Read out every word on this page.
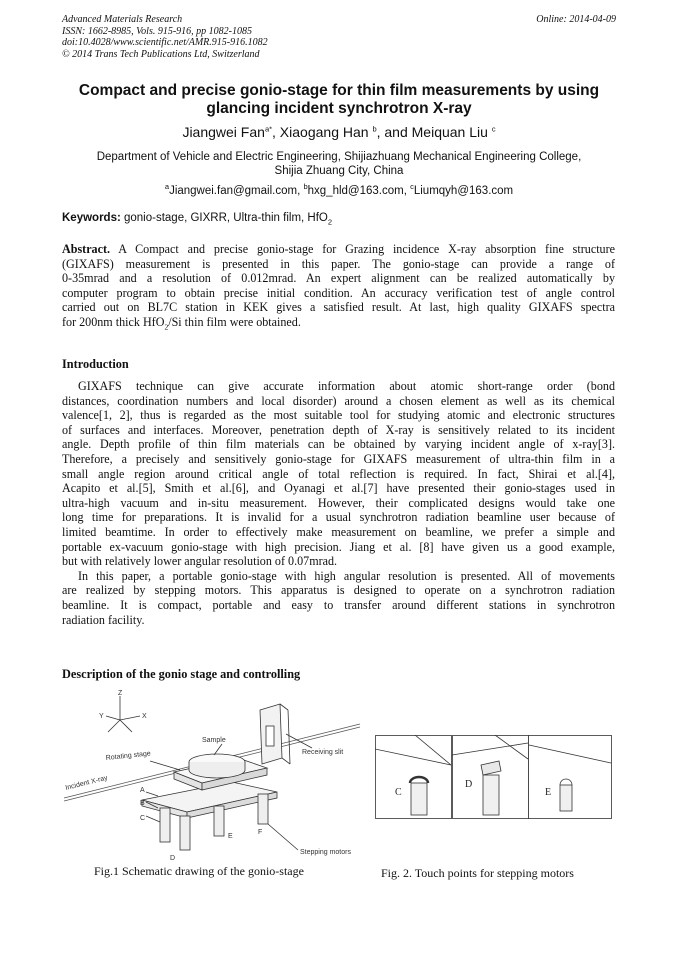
Advanced Materials Research
ISSN: 1662-8985, Vols. 915-916, pp 1082-1085
doi:10.4028/www.scientific.net/AMR.915-916.1082
© 2014 Trans Tech Publications Ltd, Switzerland
Online: 2014-04-09
Compact and precise gonio-stage for thin film measurements by using
glancing incident synchrotron X-ray
Jiangwei Fan$^{a*}$, Xiaogang Han $^b$, and Meiquan Liu $^c$
Department of Vehicle and Electric Engineering, Shijiazhuang Mechanical Engineering College,
Shijia Zhuang City, China
$^a$Jiangwei.fan@gmail.com, $^b$hxg_hld@163.com, $^c$Liumqyh@163.com
Keywords: gonio-stage, GIXRR, Ultra-thin film, HfO$_2$
Abstract. A Compact and precise gonio-stage for Grazing incidence X-ray absorption fine structure
(GIXAFS) measurement is presented in this paper. The gonio-stage can provide a range of
0-35mrad and a resolution of 0.012mrad. An expert alignment can be realized automatically by
computer program to obtain precise initial condition. An accuracy verification test of angle control
carried out on BL7C station in KEK gives a satisfied result. At last, high quality GIXAFS spectra
for 200nm thick HfO$_2$/Si thin film were obtained.
Introduction
GIXAFS technique can give accurate information about atomic short-range order (bond
distances, coordination numbers and local disorder) around a chosen element as well as its chemical
valence[1, 2], thus is regarded as the most suitable tool for studying atomic and electronic structures
of surfaces and interfaces. Moreover, penetration depth of X-ray is sensitively related to its incident
angle. Depth profile of thin film materials can be obtained by varying incident angle of x-ray[3].
Therefore, a precisely and sensitively gonio-stage for GIXAFS measurement of ultra-thin film in a
small angle region around critical angle of total reflection is required. In fact, Shirai et al.[4],
Acapito et al.[5], Smith et al.[6], and Oyanagi et al.[7] have presented their gonio-stages used in
ultra-high vacuum and in-situ measurement. However, their complicated designs would take one
long time for preparations. It is invalid for a usual synchrotron radiation beamline user because of
limited beamtime. In order to effectively make measurement on beamline, we prefer a simple and
portable ex-vacuum gonio-stage with high precision. Jiang et al. [8] have given us a good example,
but with relatively lower angular resolution of 0.07mrad.
In this paper, a portable gonio-stage with high angular resolution is presented. All of movements
are realized by stepping motors. This apparatus is designed to operate on a synchrotron radiation
beamline. It is compact, portable and easy to transfer around different stations in synchrotron
radiation facility.
Description of the gonio stage and controlling
Z
Y	X
Sample
Rotating stage
Incident X-ray
Receiving slit
Stepping motors
A
B
C
D
E
F
Fig.1 Schematic drawing of the gonio-stage
C
D
E
Fig. 2. Touch points for stepping motors
